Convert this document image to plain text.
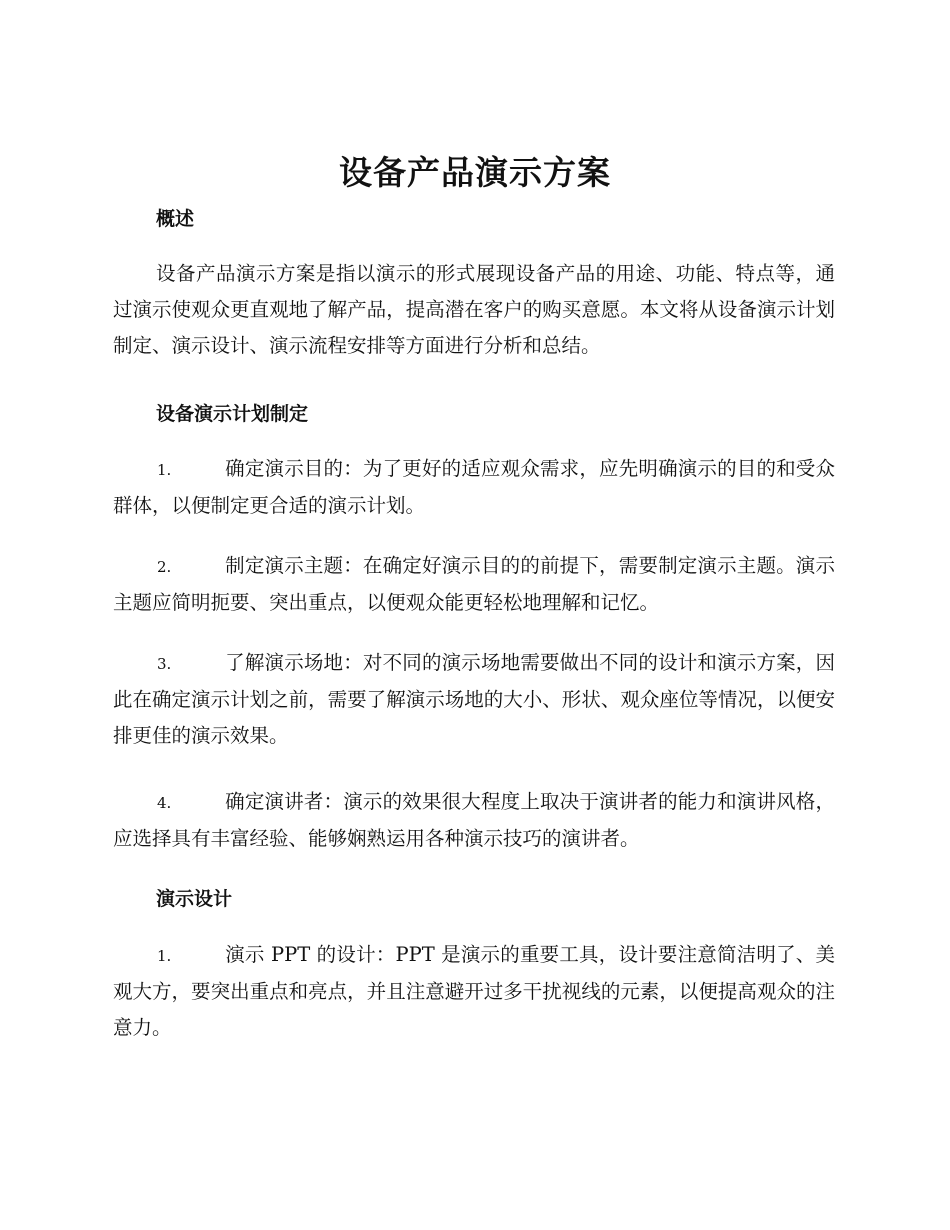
设备产品演示方案
概述
设备产品演示方案是指以演示的形式展现设备产品的用途、功能、特点等，通过演示使观众更直观地了解产品，提高潜在客户的购买意愿。本文将从设备演示计划制定、演示设计、演示流程安排等方面进行分析和总结。
设备演示计划制定
1.	确定演示目的：为了更好的适应观众需求，应先明确演示的目的和受众群体，以便制定更合适的演示计划。
2.	制定演示主题：在确定好演示目的的前提下，需要制定演示主题。演示主题应简明扼要、突出重点，以便观众能更轻松地理解和记忆。
3.	了解演示场地：对不同的演示场地需要做出不同的设计和演示方案，因此在确定演示计划之前，需要了解演示场地的大小、形状、观众座位等情况，以便安排更佳的演示效果。
4.	确定演讲者：演示的效果很大程度上取决于演讲者的能力和演讲风格，应选择具有丰富经验、能够娴熟运用各种演示技巧的演讲者。
演示设计
1.	演示 PPT 的设计：PPT 是演示的重要工具，设计要注意简洁明了、美观大方，要突出重点和亮点，并且注意避开过多干扰视线的元素，以便提高观众的注意力。
